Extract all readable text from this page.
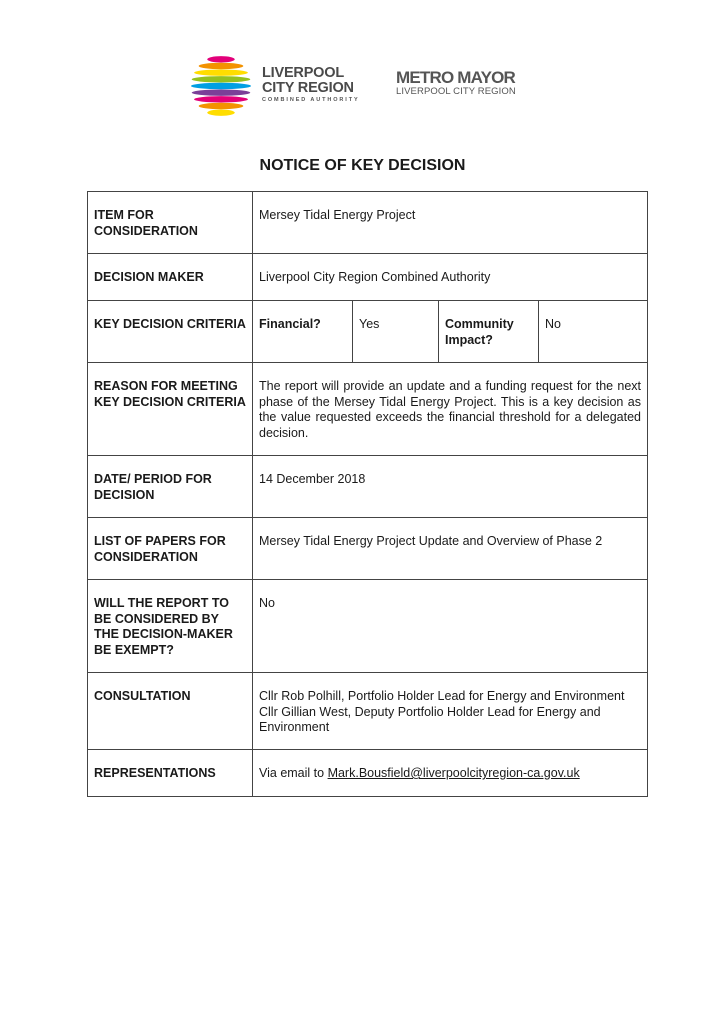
LIVERPOOL
CITY REGION
COMBINED AUTHORITY
METRO MAYOR
LIVERPOOL CITY REGION
NOTICE OF KEY DECISION
ITEM FOR CONSIDERATION	Mersey Tidal Energy Project			
DECISION MAKER	Liverpool City Region Combined Authority			
KEY DECISION CRITERIA	Financial?	Yes	Community Impact?	No
REASON FOR MEETING KEY DECISION CRITERIA	The report will provide an update and a funding request for the next phase of the Mersey Tidal Energy Project. This is a key decision as the value requested exceeds the financial threshold for a delegated decision.			
DATE/ PERIOD FOR DECISION	14 December 2018			
LIST OF PAPERS FOR CONSIDERATION	Mersey Tidal Energy Project Update and Overview of Phase 2			
WILL THE REPORT TO BE CONSIDERED BY THE DECISION-MAKER BE EXEMPT?	No			
CONSULTATION	Cllr Rob Polhill, Portfolio Holder Lead for Energy and Environment
Cllr Gillian West, Deputy Portfolio Holder Lead for Energy and Environment			

REPRESENTATIONS	Via email to Mark.Bousfield@liverpoolcityregion-ca.gov.uk			
